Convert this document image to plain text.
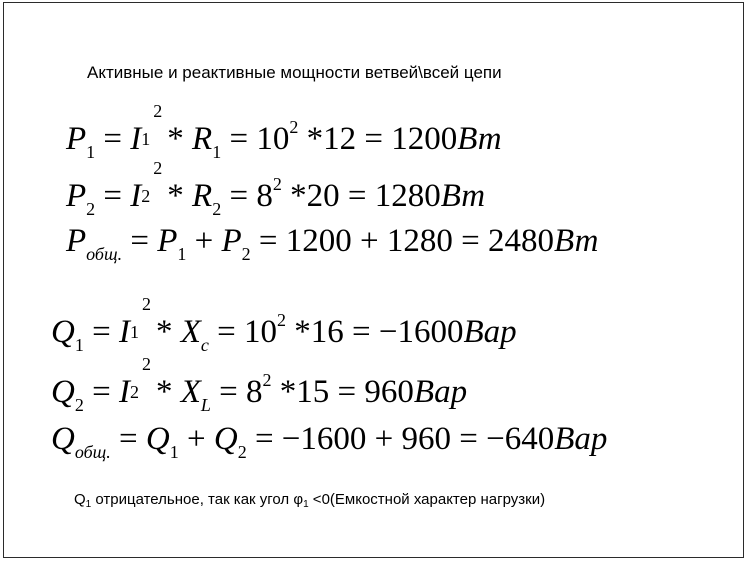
Активные и реактивные мощности ветвей\всей цепи
$P_1 = I$
2
$1 * R_1 = 10^2$ *12 = 1200Вт
$P_2 = I$
2
$2 * R_2 = 8^2$ *20 = 1280Вт
$P_{общ.} = P_1 + P_2 = 1200 + 1280 = 2480Вт$
$Q_1 = I$
2
$1 * X_c = 10^2$ *16 = −1600Вар
$Q_2 = I$
2
$2 * X_L = 8^2$ *15 = 960Вар
$Q_{общ.} = Q_1 + Q_2 = -1600 + 960 = -640Вар$
$Q_1$ отрицательное, так как угол $\varphi_1$ <0(Емкостной характер нагрузки)
